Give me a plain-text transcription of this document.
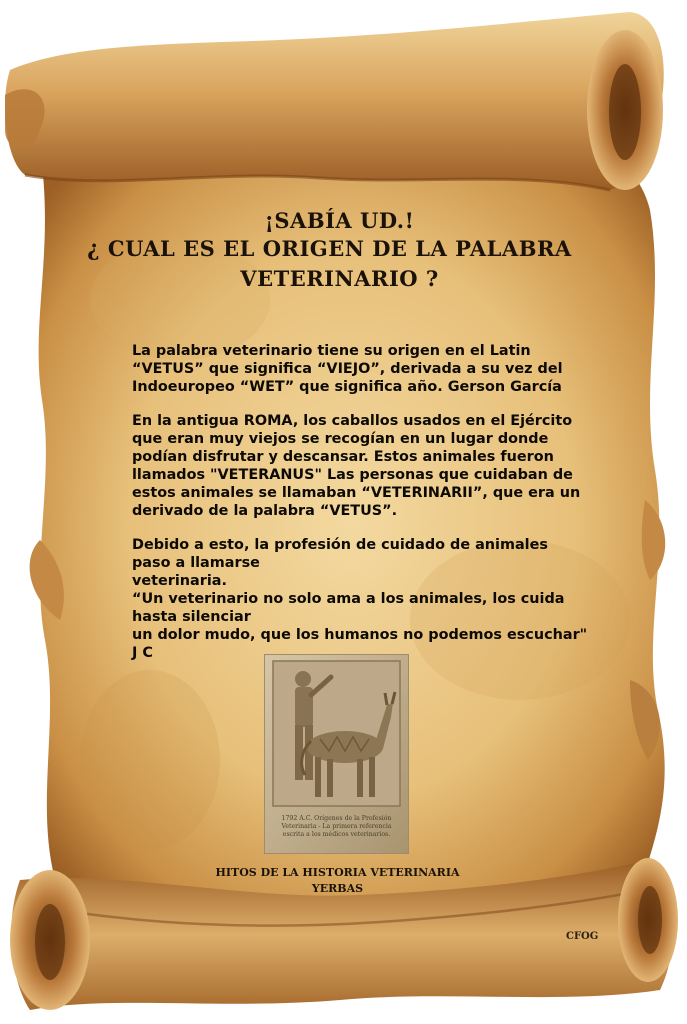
¡SABÍA UD.!
¿ CUAL ES EL ORIGEN DE LA PALABRA
VETERINARIO ?

La palabra veterinario tiene su origen en el Latin
“VETUS” que significa “VIEJO”, derivada a su vez del
Indoeuropeo “WET” que significa año. Gerson García

En la antigua ROMA, los caballos usados en el Ejército
que eran muy viejos se recogían en un lugar donde
podían disfrutar y descansar. Estos animales fueron
llamados "VETERANUS" Las personas que cuidaban de
estos animales se llamaban “VETERINARII”, que era un
derivado de la palabra “VETUS”.

Debido a esto, la profesión de cuidado de animales
paso a llamarse
veterinaria.
“Un veterinario no solo ama a los animales, los cuida
hasta silenciar
un dolor mudo, que los humanos no podemos escuchar"
J C

1792 A.C. Orígenes de la Profesión Veterinaria - La primera referencia escrita a los médicos veterinarios.
HITOS DE LA HISTORIA VETERINARIA
YERBAS
CFOG
